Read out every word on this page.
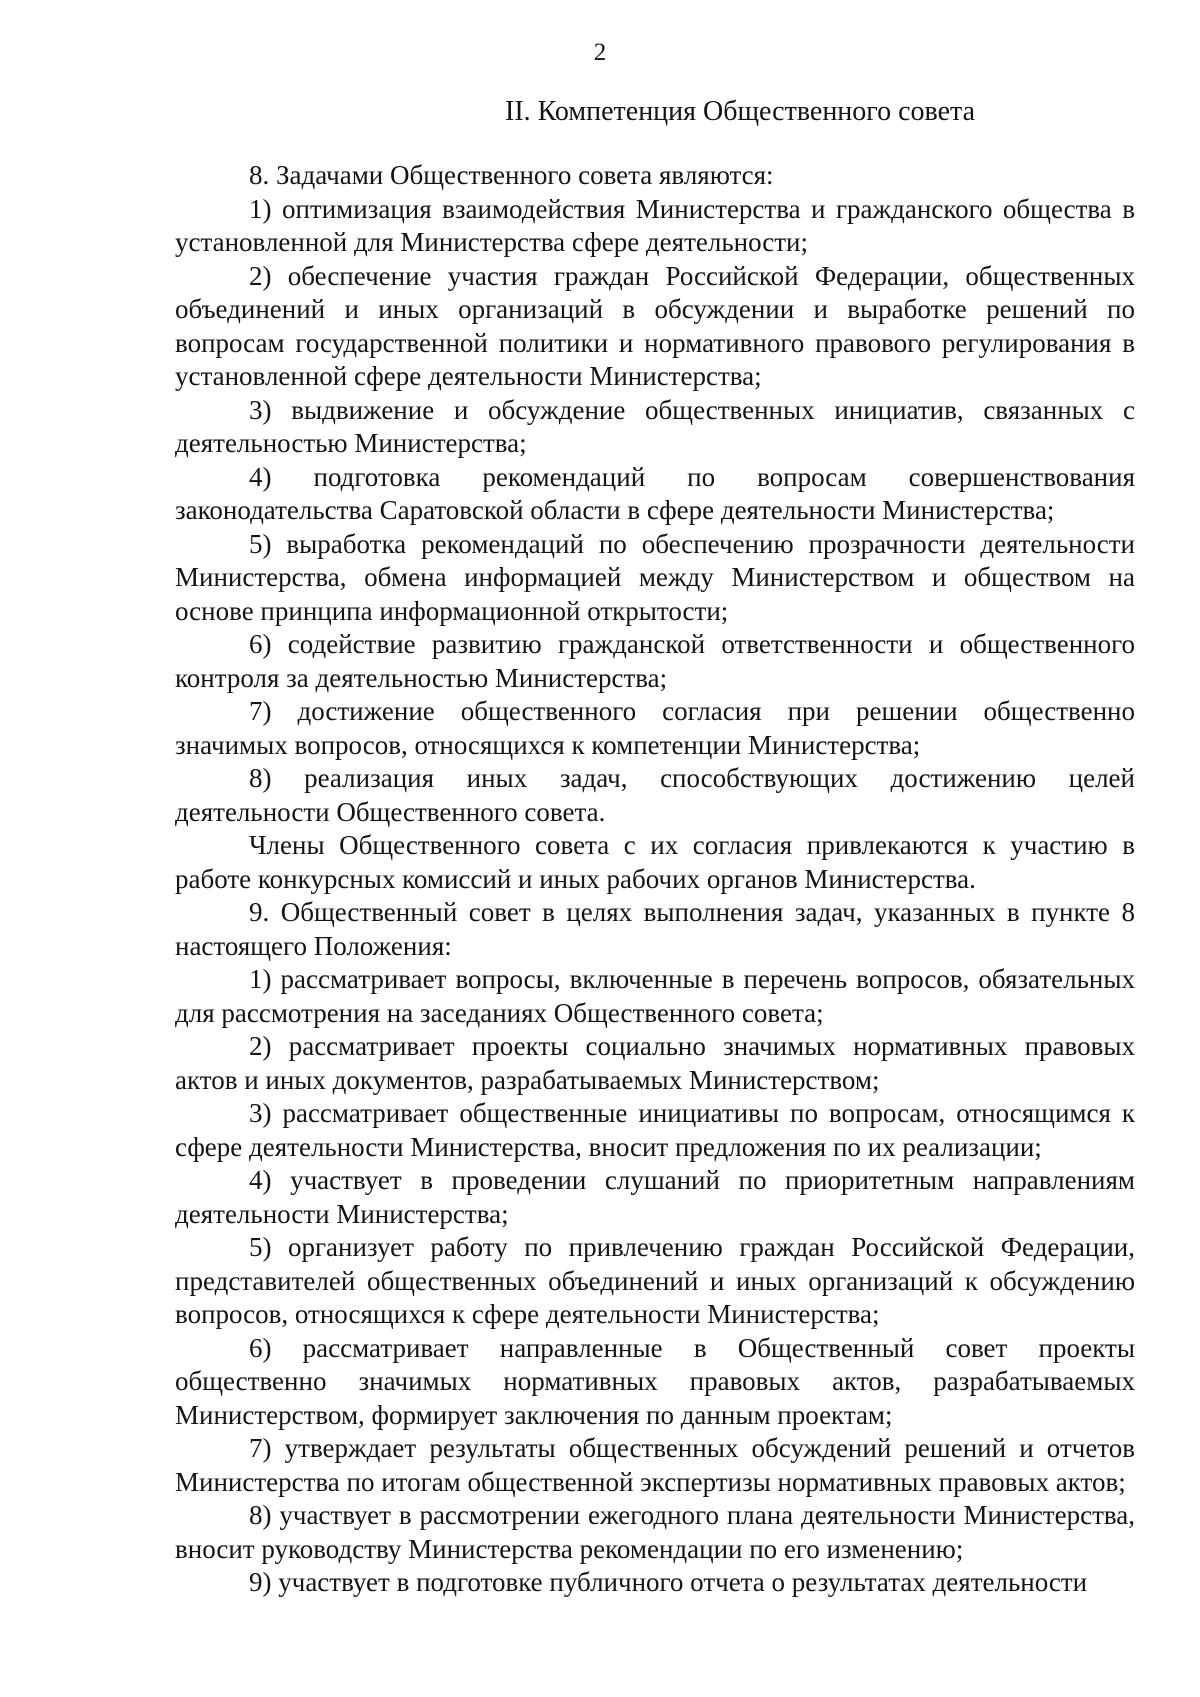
2
II. Компетенция Общественного совета

8. Задачами Общественного совета являются:

1) оптимизация взаимодействия Министерства и гражданского общества в установленной для Министерства сфере деятельности;

2) обеспечение участия граждан Российской Федерации, общественных объединений и иных организаций в обсуждении и выработке решений по вопросам государственной политики и нормативного правового регулирования в установленной сфере деятельности Министерства;

3) выдвижение и обсуждение общественных инициатив, связанных с деятельностью Министерства;

4) подготовка рекомендаций по вопросам совершенствования законодательства Саратовской области в сфере деятельности Министерства;

5) выработка рекомендаций по обеспечению прозрачности деятельности Министерства, обмена информацией между Министерством и обществом на основе принципа информационной открытости;

6) содействие развитию гражданской ответственности и общественного контроля за деятельностью Министерства;

7) достижение общественного согласия при решении общественно значимых вопросов, относящихся к компетенции Министерства;

8) реализация иных задач, способствующих достижению целей деятельности Общественного совета.

Члены Общественного совета с их согласия привлекаются к участию в работе конкурсных комиссий и иных рабочих органов Министерства.

9. Общественный совет в целях выполнения задач, указанных в пункте 8 настоящего Положения:

1) рассматривает вопросы, включенные в перечень вопросов, обязательных для рассмотрения на заседаниях Общественного совета;

2) рассматривает проекты социально значимых нормативных правовых актов и иных документов, разрабатываемых Министерством;

3) рассматривает общественные инициативы по вопросам, относящимся к сфере деятельности Министерства, вносит предложения по их реализации;

4) участвует в проведении слушаний по приоритетным направлениям деятельности Министерства;

5) организует работу по привлечению граждан Российской Федерации, представителей общественных объединений и иных организаций к обсуждению вопросов, относящихся к сфере деятельности Министерства;

6) рассматривает направленные в Общественный совет проекты общественно значимых нормативных правовых актов, разрабатываемых Министерством, формирует заключения по данным проектам;

7) утверждает результаты общественных обсуждений решений и отчетов Министерства по итогам общественной экспертизы нормативных правовых актов;

8) участвует в рассмотрении ежегодного плана деятельности Министерства, вносит руководству Министерства рекомендации по его изменению;

9) участвует в подготовке публичного отчета о результатах деятельности
